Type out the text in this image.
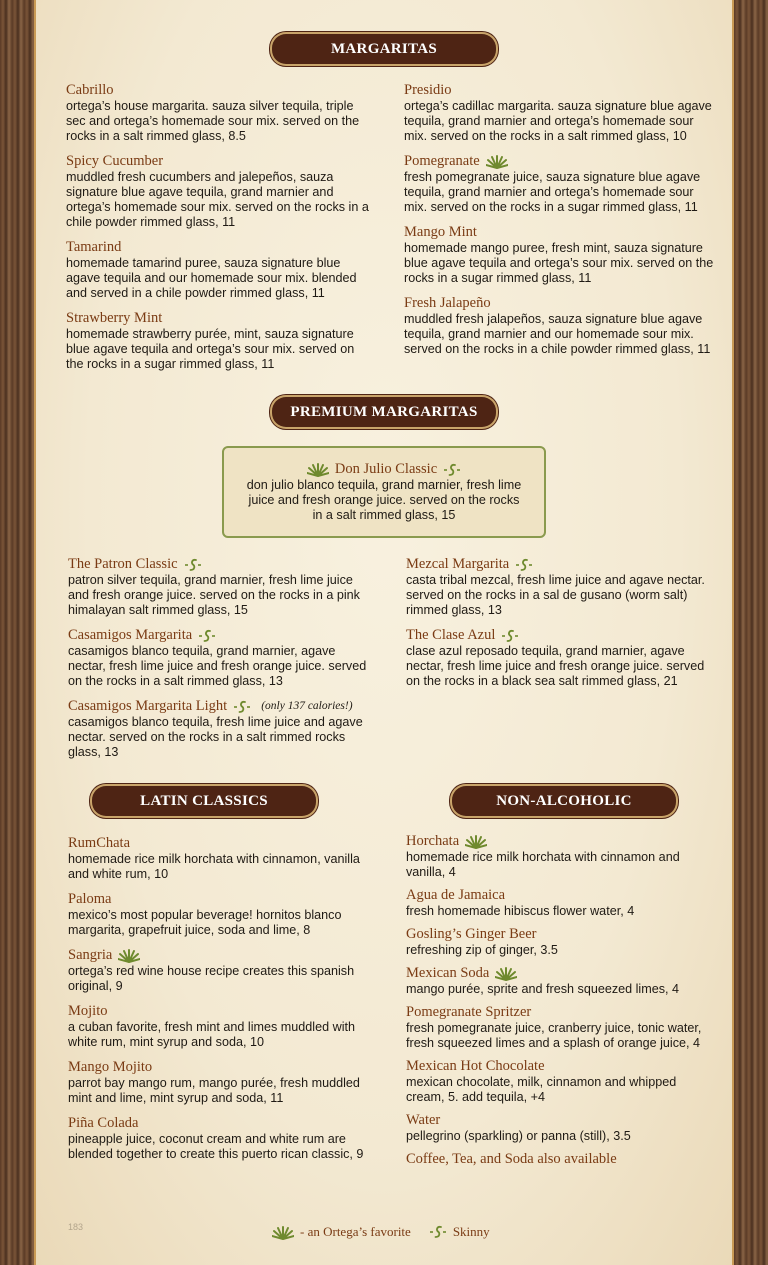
MARGARITAS
Cabrillo
ortega’s house margarita. sauza silver tequila, triple sec and ortega’s homemade sour mix. served on the rocks in a salt rimmed glass, 8.5
Spicy Cucumber
muddled fresh cucumbers and jalepeños, sauza signature blue agave tequila, grand marnier and ortega’s homemade sour mix. served on the rocks in a chile powder rimmed glass, 11
Tamarind
homemade tamarind puree, sauza signature blue agave tequila and our homemade sour mix. blended and served in a chile powder rimmed glass, 11
Strawberry Mint
homemade strawberry purée, mint, sauza signature blue agave tequila and ortega’s sour mix. served on the rocks in a sugar rimmed glass, 11
Presidio
ortega’s cadillac margarita. sauza signature blue agave tequila, grand marnier and ortega’s homemade sour mix. served on the rocks in a salt rimmed glass, 10
Pomegranate
fresh pomegranate juice, sauza signature blue agave tequila, grand marnier and ortega’s homemade sour mix. served on the rocks in a sugar rimmed glass, 11
Mango Mint
homemade mango puree, fresh mint, sauza signature blue agave tequila and ortega’s sour mix. served on the rocks in a sugar rimmed glass, 11
Fresh Jalapeño
muddled fresh jalapeños, sauza signature blue agave tequila, grand marnier and our homemade sour mix. served on the rocks in a chile powder rimmed glass, 11
PREMIUM MARGARITAS
Don Julio Classic
don julio blanco tequila, grand marnier, fresh lime juice and fresh orange juice. served on the rocks in a salt rimmed glass, 15
The Patron Classic
patron silver tequila, grand marnier, fresh lime juice and fresh orange juice. served on the rocks in a pink himalayan salt rimmed glass, 15
Casamigos Margarita
casamigos blanco tequila, grand marnier, agave nectar, fresh lime juice and fresh orange juice. served on the rocks in a salt rimmed glass, 13
Casamigos Margarita Light	(only 137 calories!)
casamigos blanco tequila, fresh lime juice and agave nectar. served on the rocks in a salt rimmed rocks glass, 13
Mezcal Margarita
casta tribal mezcal, fresh lime juice and agave nectar. served on the rocks in a sal de gusano (worm salt) rimmed glass, 13
The Clase Azul
clase azul reposado tequila, grand marnier, agave nectar, fresh lime juice and fresh orange juice. served on the rocks in a black sea salt rimmed glass, 21
LATIN CLASSICS
RumChata
homemade rice milk horchata with cinnamon, vanilla and white rum, 10
Paloma
mexico’s most popular beverage! hornitos blanco margarita, grapefruit juice, soda and lime, 8
Sangria
ortega’s red wine house recipe creates this spanish original, 9
Mojito
a cuban favorite, fresh mint and limes muddled with white rum, mint syrup and soda, 10
Mango Mojito
parrot bay mango rum, mango purée, fresh muddled mint and lime, mint syrup and soda, 11
Piña Colada
pineapple juice, coconut cream and white rum are blended together to create this puerto rican classic, 9
NON-ALCOHOLIC
Horchata
homemade rice milk horchata with cinnamon and vanilla, 4
Agua de Jamaica
fresh homemade hibiscus flower water, 4
Gosling’s Ginger Beer
refreshing zip of ginger, 3.5
Mexican Soda
mango purée, sprite and fresh squeezed limes, 4
Pomegranate Spritzer
fresh pomegranate juice, cranberry juice, tonic water, fresh squeezed limes and a splash of orange juice, 4
Mexican Hot Chocolate
mexican chocolate, milk, cinnamon and whipped cream, 5. add tequila, +4
Water
pellegrino (sparkling) or panna (still), 3.5
Coffee, Tea, and Soda also available
183	- an Ortega’s favorite	Skinny
